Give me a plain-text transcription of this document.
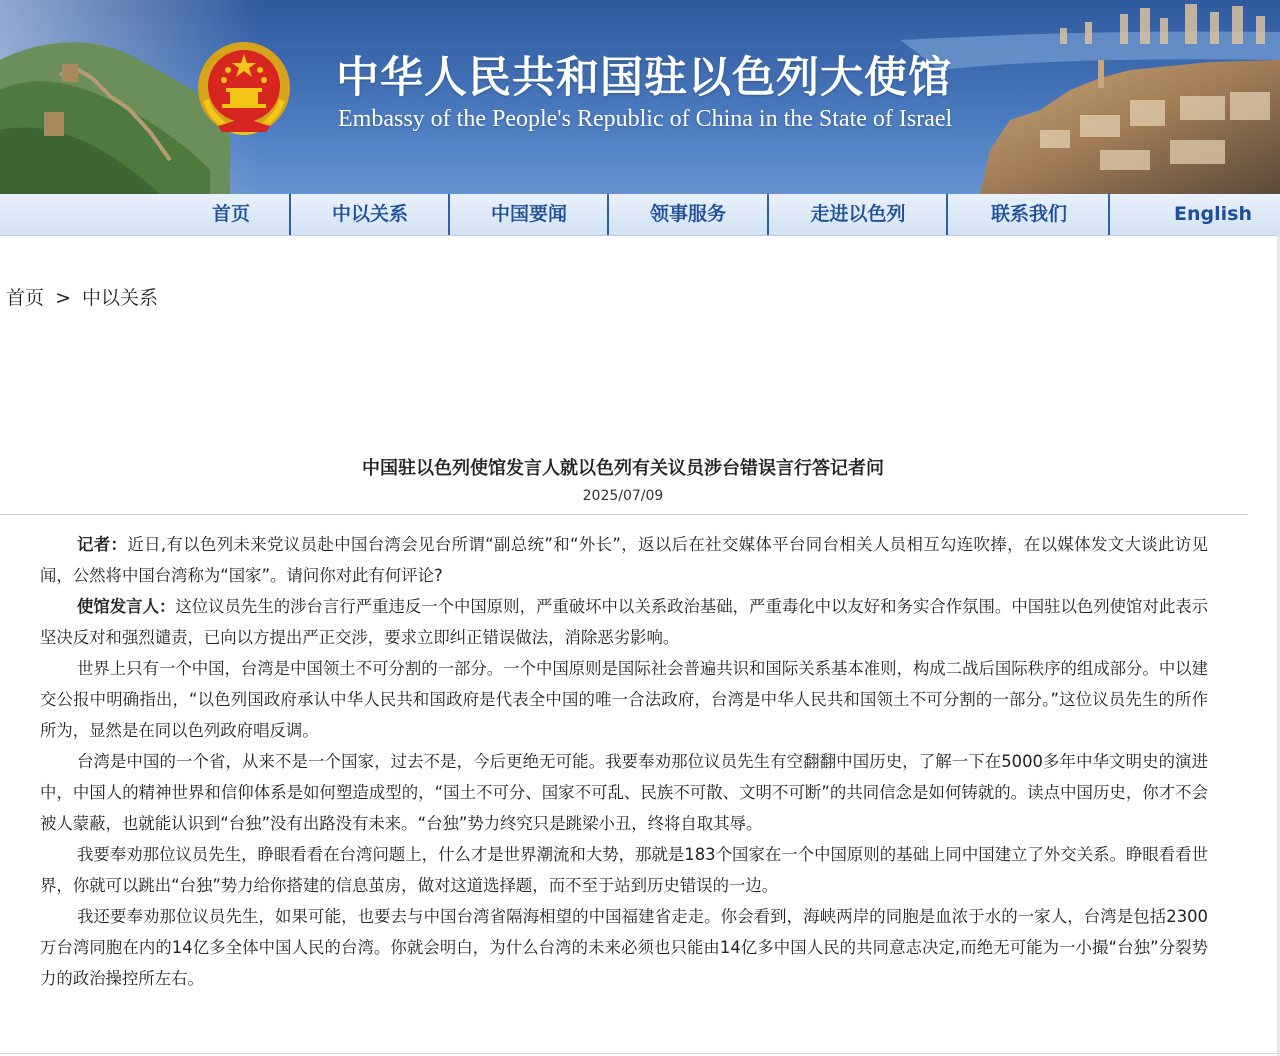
中华人民共和国驻以色列大使馆
Embassy of the People's Republic of China in the State of Israel
首页	中以关系	中国要闻	领事服务	走进以色列	联系我们	English
首页 > 中以关系
中国驻以色列使馆发言人就以色列有关议员涉台错误言行答记者问
2025/07/09

记者：近日,有以色列未来党议员赴中国台湾会见台所谓“副总统”和“外长”，返以后在社交媒体平台同台相关人员相互勾连吹捧，在以媒体发文大谈此访见闻，公然将中国台湾称为“国家”。请问你对此有何评论?

使馆发言人：这位议员先生的涉台言行严重违反一个中国原则，严重破坏中以关系政治基础，严重毒化中以友好和务实合作氛围。中国驻以色列使馆对此表示坚决反对和强烈谴责，已向以方提出严正交涉，要求立即纠正错误做法，消除恶劣影响。

世界上只有一个中国，台湾是中国领土不可分割的一部分。一个中国原则是国际社会普遍共识和国际关系基本准则，构成二战后国际秩序的组成部分。中以建交公报中明确指出，“以色列国政府承认中华人民共和国政府是代表全中国的唯一合法政府，台湾是中华人民共和国领土不可分割的一部分。”这位议员先生的所作所为，显然是在同以色列政府唱反调。

台湾是中国的一个省，从来不是一个国家，过去不是，今后更绝无可能。我要奉劝那位议员先生有空翻翻中国历史，了解一下在5000多年中华文明史的演进中，中国人的精神世界和信仰体系是如何塑造成型的，“国土不可分、国家不可乱、民族不可散、文明不可断”的共同信念是如何铸就的。读点中国历史，你才不会被人蒙蔽，也就能认识到“台独”没有出路没有未来。“台独”势力终究只是跳梁小丑，终将自取其辱。

我要奉劝那位议员先生，睁眼看看在台湾问题上，什么才是世界潮流和大势，那就是183个国家在一个中国原则的基础上同中国建立了外交关系。睁眼看看世界，你就可以跳出“台独”势力给你搭建的信息茧房，做对这道选择题，而不至于站到历史错误的一边。

我还要奉劝那位议员先生，如果可能，也要去与中国台湾省隔海相望的中国福建省走走。你会看到，海峡两岸的同胞是血浓于水的一家人，台湾是包括2300万台湾同胞在内的14亿多全体中国人民的台湾。你就会明白，为什么台湾的未来必须也只能由14亿多中国人民的共同意志决定,而绝无可能为一小撮“台独”分裂势力的政治操控所左右。
